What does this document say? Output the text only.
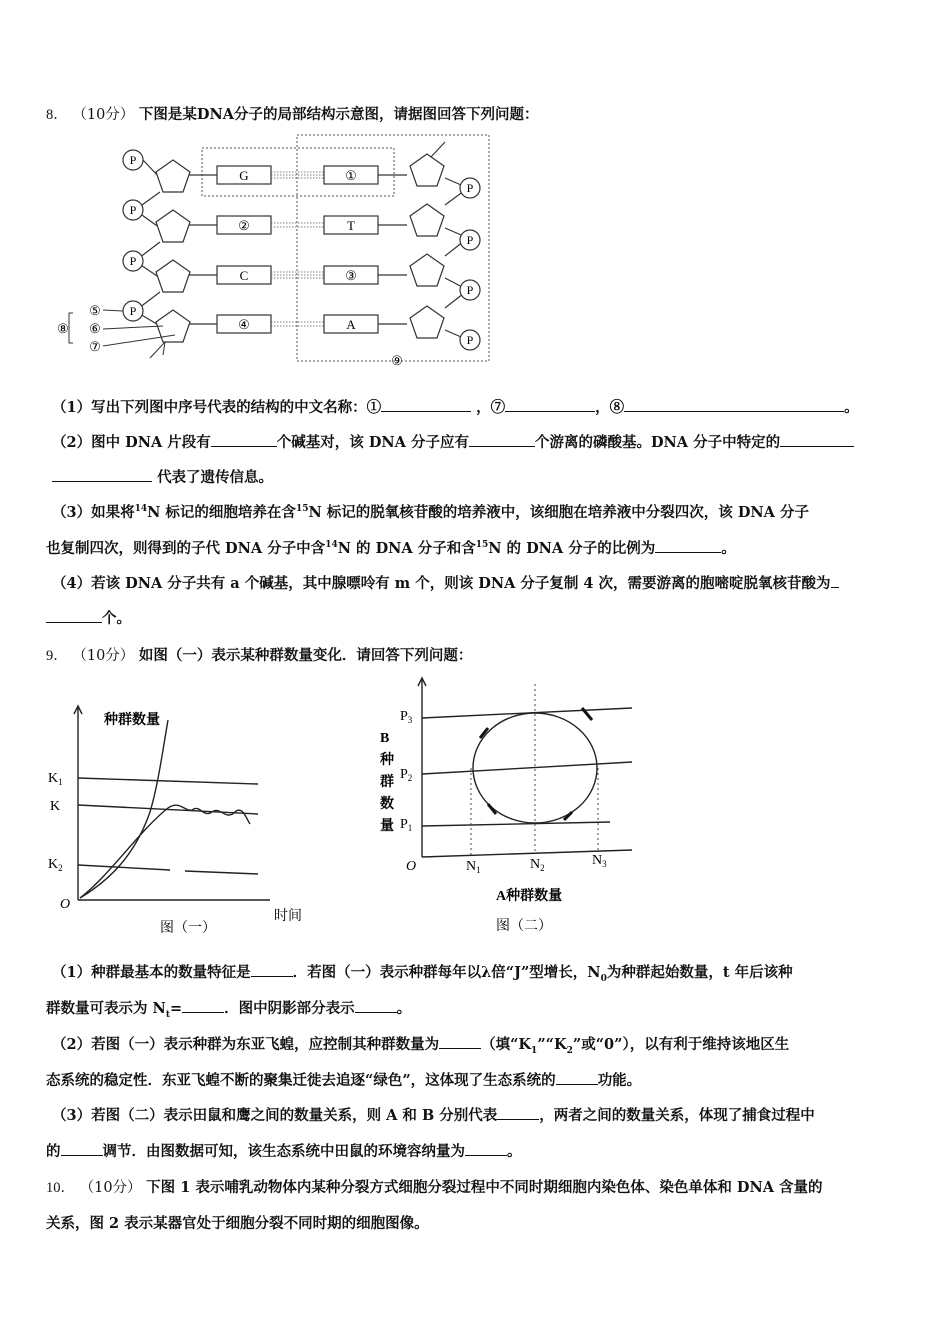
8． （10分） 下图是某DNA分子的局部结构示意图，请据图回答下列问题：
P
P
P
P
P
P
P
P
G
②
C
④
①
T
③
A
⑤
⑥
⑦
⑧
⑨
（1）写出下列图中序号代表的结构的中文名称：①	，⑦	，⑧	。
（2）图中 DNA 片段有	个碱基对，该 DNA 分子应有	个游离的磷酸基。DNA 分子中特定的
代表了遗传信息。
（3）如果将$^{14}$N 标记的细胞培养在含$^{15}$N 标记的脱氧核苷酸的培养液中，该细胞在培养液中分裂四次，该 DNA 分子
也复制四次，则得到的子代 DNA 分子中含$^{14}$N 的 DNA 分子和含$^{15}$N 的 DNA 分子的比例为	。
（4）若该 DNA 分子共有 a 个碱基，其中腺嘌呤有 m 个，则该 DNA 分子复制 4 次，需要游离的胞嘧啶脱氧核苷酸为
个。
9． （10分） 如图（一）表示某种群数量变化．请回答下列问题：
种群数量
$K_1$
K
$K_2$
O
时间
图（一）
$P_3$
$P_2$
$P_1$
B
种
群
数
量
O	$N_1$	$N_2$	$N_3$
A种群数量
图（二）
（1）种群最基本的数量特征是	．若图（一）表示种群每年以λ倍“J”型增长，$N_0$为种群起始数量，t 年后该种
群数量可表示为 $N_t=$	．图中阴影部分表示	。
（2）若图（一）表示种群为东亚飞蝗，应控制其种群数量为	（填“$K_1”“K_2$”或“0”），以有利于维持该地区生
态系统的稳定性．东亚飞蝗不断的聚集迁徙去追逐“绿色”，这体现了生态系统的	功能。
（3）若图（二）表示田鼠和鹰之间的数量关系，则 A 和 B 分别代表	，两者之间的数量关系，体现了捕食过程中
的	调节．由图数据可知，该生态系统中田鼠的环境容纳量为	。
10． （10分） 下图 1 表示哺乳动物体内某种分裂方式细胞分裂过程中不同时期细胞内染色体、染色单体和 DNA 含量的
关系，图 2 表示某器官处于细胞分裂不同时期的细胞图像。
